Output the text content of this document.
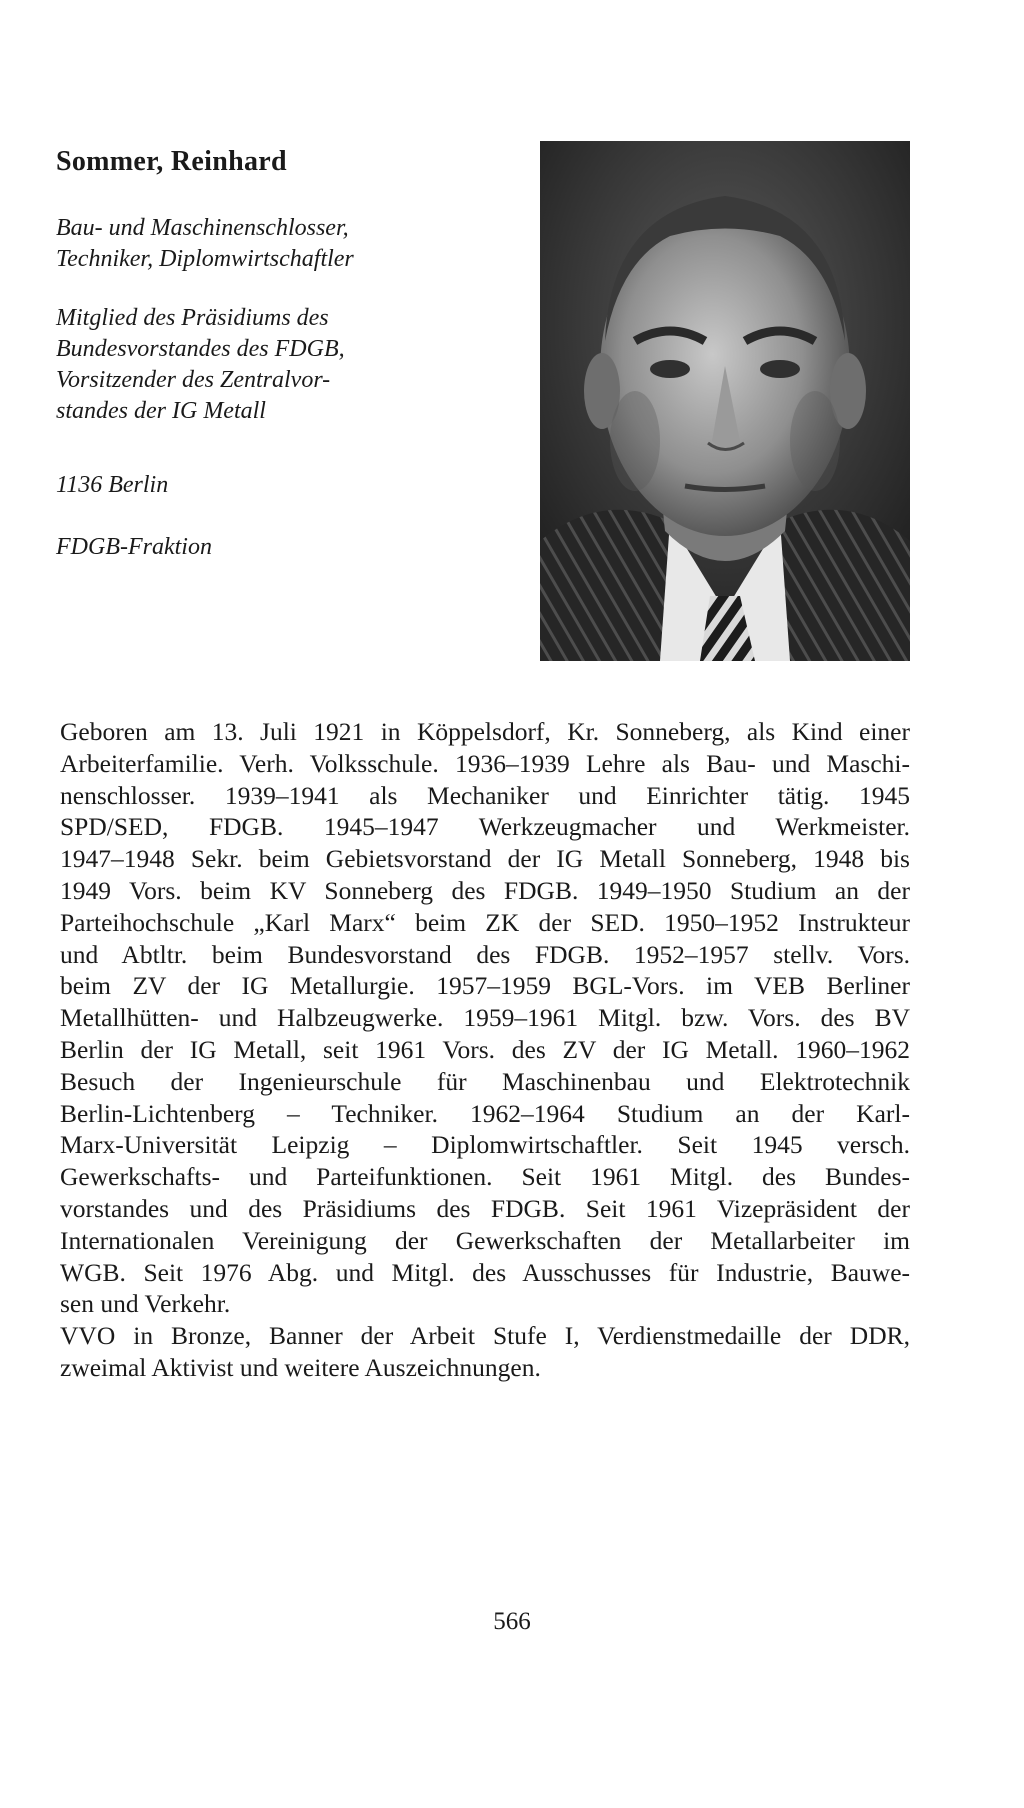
Sommer, Reinhard
Bau- und Maschinenschlosser,
Techniker, Diplomwirtschaftler
Mitglied des Präsidiums des
Bundesvorstandes des FDGB,
Vorsitzender des Zentralvor-
standes der IG Metall
1136 Berlin
FDGB-Fraktion
Geboren am 13. Juli 1921 in Köppelsdorf, Kr. Sonneberg, als Kind einer
Arbeiterfamilie. Verh. Volksschule. 1936–1939 Lehre als Bau- und Maschi-
nenschlosser. 1939–1941 als Mechaniker und Einrichter tätig. 1945
SPD/SED, FDGB. 1945–1947 Werkzeugmacher und Werkmeister.
1947–1948 Sekr. beim Gebietsvorstand der IG Metall Sonneberg, 1948 bis
1949 Vors. beim KV Sonneberg des FDGB. 1949–1950 Studium an der
Parteihochschule „Karl Marx“ beim ZK der SED. 1950–1952 Instrukteur
und Abtltr. beim Bundesvorstand des FDGB. 1952–1957 stellv. Vors.
beim ZV der IG Metallurgie. 1957–1959 BGL-Vors. im VEB Berliner
Metallhütten- und Halbzeugwerke. 1959–1961 Mitgl. bzw. Vors. des BV
Berlin der IG Metall, seit 1961 Vors. des ZV der IG Metall. 1960–1962
Besuch der Ingenieurschule für Maschinenbau und Elektrotechnik
Berlin-Lichtenberg – Techniker. 1962–1964 Studium an der Karl-
Marx-Universität Leipzig – Diplomwirtschaftler. Seit 1945 versch.
Gewerkschafts- und Parteifunktionen. Seit 1961 Mitgl. des Bundes-
vorstandes und des Präsidiums des FDGB. Seit 1961 Vizepräsident der
Internationalen Vereinigung der Gewerkschaften der Metallarbeiter im
WGB. Seit 1976 Abg. und Mitgl. des Ausschusses für Industrie, Bauwe-
sen und Verkehr.
VVO in Bronze, Banner der Arbeit Stufe I, Verdienstmedaille der DDR,
zweimal Aktivist und weitere Auszeichnungen.
566
